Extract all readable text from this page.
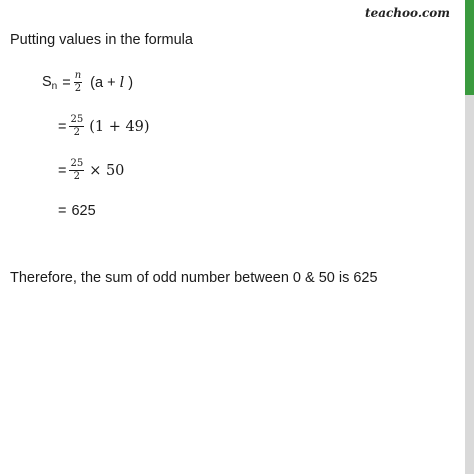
teachoo.com
Putting values in the formula
$S_n = \frac{n}{2} (a + l$ )
= $\frac{25}{2} (1 + 49)$
= $\frac{25}{2} \times 50$
= 625
Therefore, the sum of odd number between 0 & 50 is 625
